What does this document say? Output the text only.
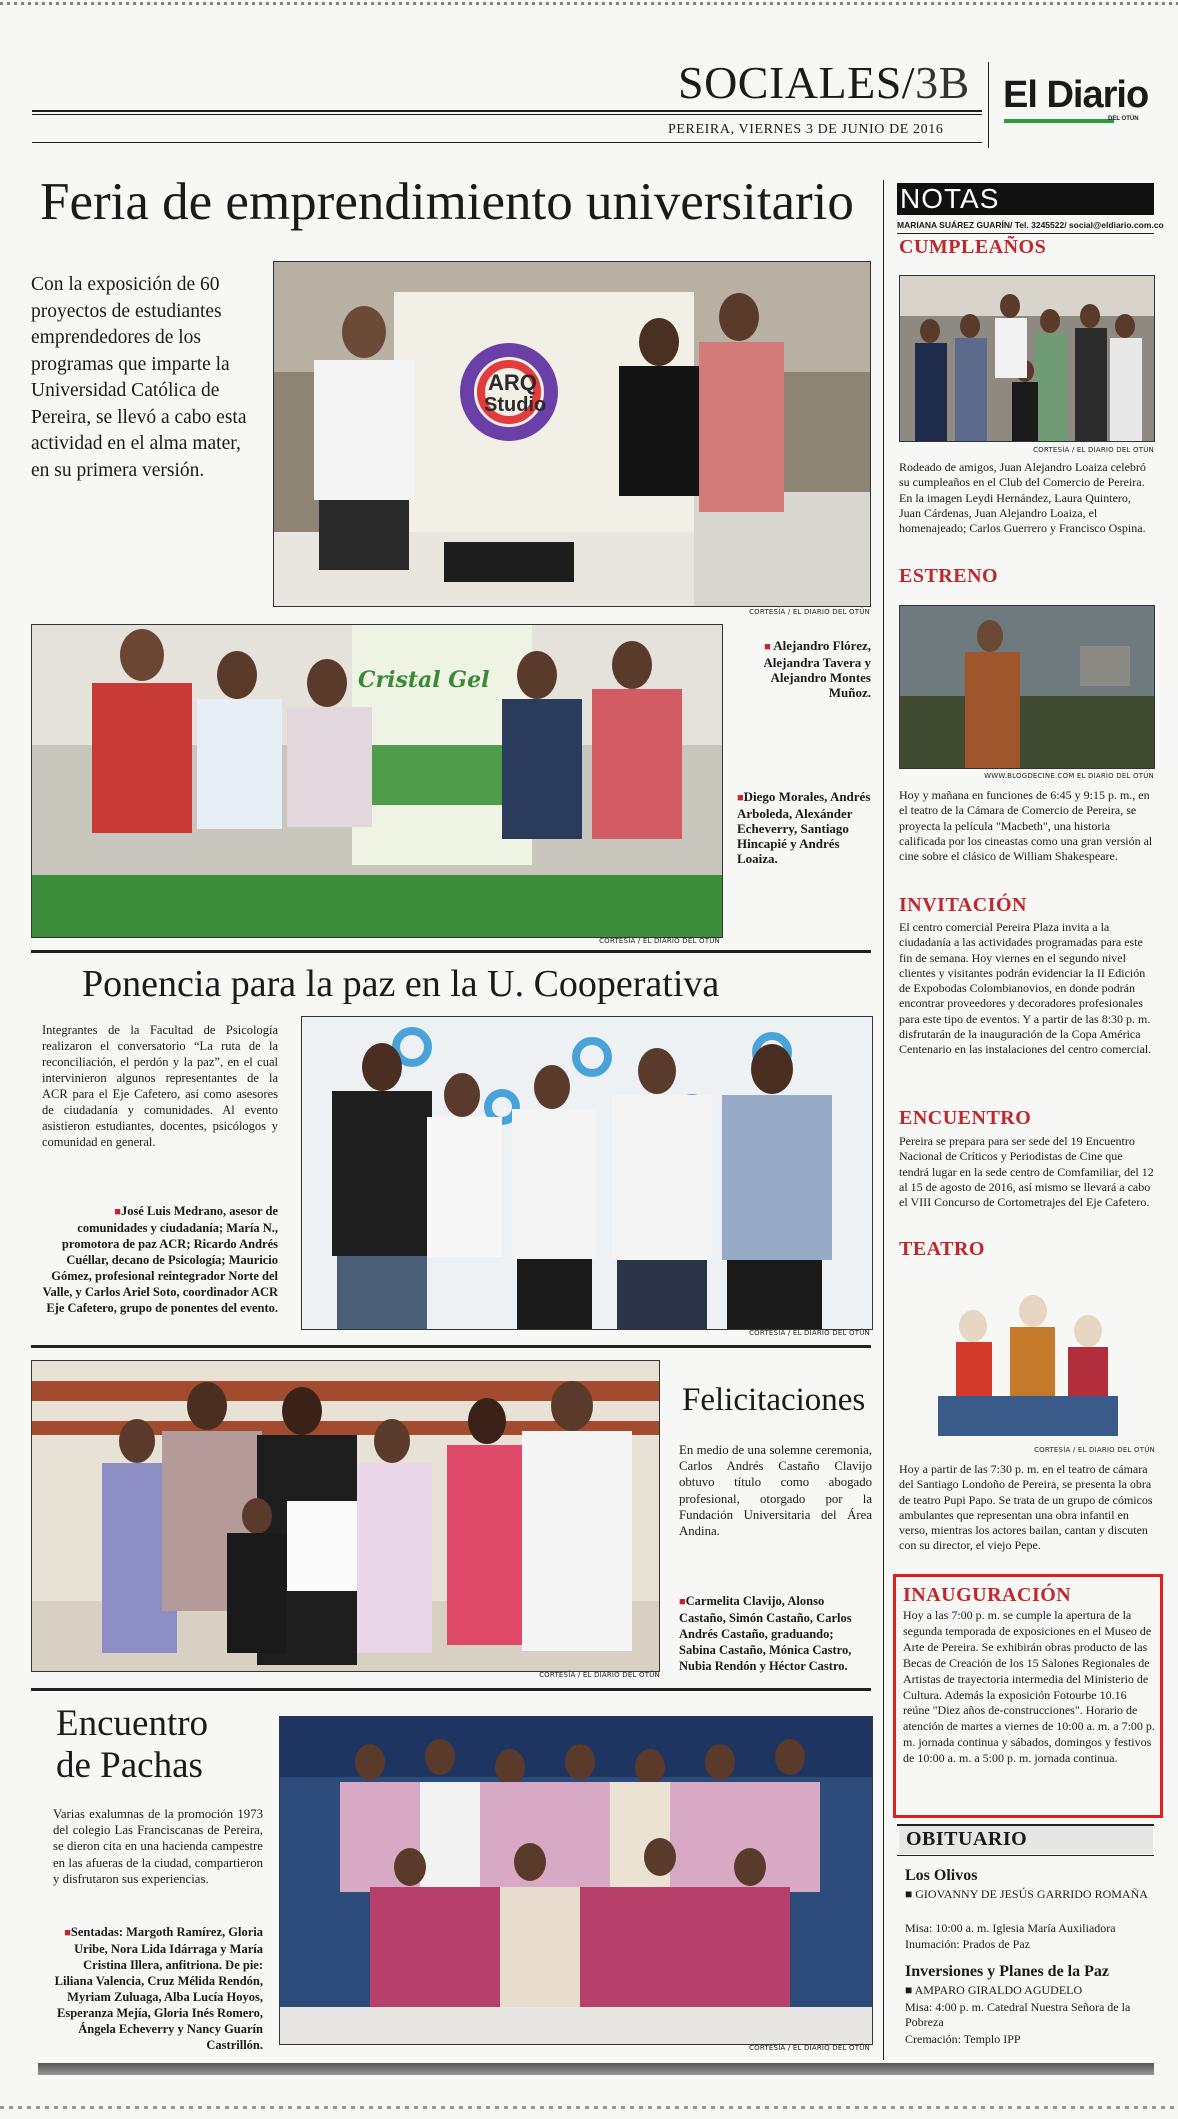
SOCIALES/3B
PEREIRA, VIERNES 3 DE JUNIO DE 2016
El Diario
DEL OTÚN
Feria de emprendimiento universitario
Con la exposición de 60 proyectos de estudiantes emprendedores de los programas que imparte la Universidad Católica de Pereira, se llevó a cabo esta actividad en el alma mater, en su primera versión.
ARQ
Studio
CORTESÍA / EL DIARIO DEL OTÚN
Cristal Gel
■ Alejandro Flórez, Alejandra Tavera y Alejandro Montes Muñoz.
■Diego Morales, Andrés Arboleda, Alexánder Echeverry, Santiago Hincapié y Andrés Loaiza.
CORTESÍA / EL DIARIO DEL OTÚN
Ponencia para la paz en la U. Cooperativa
Integrantes de la Facultad de Psicología realizaron el conversatorio “La ruta de la reconciliación, el perdón y la paz”, en el cual intervinieron algunos representantes de la ACR para el Eje Cafetero, así como asesores de ciudadanía y comunidades. Al evento asistieron estudiantes, docentes, psicólogos y comunidad en general.
■José Luis Medrano, asesor de comunidades y ciudadanía; María N., promotora de paz ACR; Ricardo Andrés Cuéllar, decano de Psicología; Mauricio Gómez, profesional reintegrador Norte del Valle, y Carlos Ariel Soto, coordinador ACR Eje Cafetero, grupo de ponentes del evento.
CORTESÍA / EL DIARIO DEL OTÚN
CORTESÍA / EL DIARIO DEL OTÚN
Felicitaciones
En medio de una solemne ceremonia, Carlos Andrés Castaño Clavijo obtuvo título como abogado profesional, otorgado por la Fundación Universitaria del Área Andina.
■Carmelita Clavijo, Alonso Castaño, Simón Castaño, Carlos Andrés Castaño, graduando; Sabina Castaño, Mónica Castro, Nubia Rendón y Héctor Castro.
Encuentro
de Pachas
Varias exalumnas de la promoción 1973 del colegio Las Franciscanas de Pereira, se dieron cita en una hacienda campestre en las afueras de la ciudad, compartieron y disfrutaron sus experiencias.
■Sentadas: Margoth Ramírez, Gloria Uribe, Nora Lida Idárraga y María Cristina Illera, anfitriona. De pie: Liliana Valencia, Cruz Mélida Rendón, Myriam Zuluaga, Alba Lucía Hoyos, Esperanza Mejía, Gloria Inés Romero, Ángela Echeverry y Nancy Guarín Castrillón.	CORTESÍA / EL DIARIO DEL OTÚN
NOTAS
MARIANA SUÁREZ GUARÍN/ Tel. 3245522/ social@eldiario.com.co
CUMPLEAÑOS
CORTESÍA / EL DIARIO DEL OTÚN
Rodeado de amigos, Juan Alejandro Loaiza celebró su cumpleaños en el Club del Comercio de Pereira. En la imagen Leydi Hernández, Laura Quintero, Juan Cárdenas, Juan Alejandro Loaiza, el homenajeado; Carlos Guerrero y Francisco Ospina.
ESTRENO
WWW.BLOGDECINE.COM EL DIARIO DEL OTÚN
Hoy y mañana en funciones de 6:45 y 9:15 p. m., en el teatro de la Cámara de Comercio de Pereira, se proyecta la película "Macbeth", una historia calificada por los cineastas como una gran versión al cine sobre el clásico de William Shakespeare.
INVITACIÓN
El centro comercial Pereira Plaza invita a la ciudadanía a las actividades programadas para este fin de semana. Hoy viernes en el segundo nivel clientes y visitantes podrán evidenciar la II Edición de Expobodas Colombianovios, en donde podrán encontrar proveedores y decoradores profesionales para este tipo de eventos. Y a partir de las 8:30 p. m. disfrutarán de la inauguración de la Copa América Centenario en las instalaciones del centro comercial.
ENCUENTRO
Pereira se prepara para ser sede del 19 Encuentro Nacional de Críticos y Periodistas de Cine que tendrá lugar en la sede centro de Comfamiliar, del 12 al 15 de agosto de 2016, así mismo se llevará a cabo el VIII Concurso de Cortometrajes del Eje Cafetero.
TEATRO
CORTESÍA / EL DIARIO DEL OTÚN
Hoy a partir de las 7:30 p. m. en el teatro de cámara del Santiago Londoño de Pereira, se presenta la obra de teatro Pupi Papo. Se trata de un grupo de cómicos ambulantes que representan una obra infantil en verso, mientras los actores bailan, cantan y discuten con su director, el viejo Pepe.
INAUGURACIÓN
Hoy a las 7:00 p. m. se cumple la apertura de la segunda temporada de exposiciones en el Museo de Arte de Pereira. Se exhibirán obras producto de las Becas de Creación de los 15 Salones Regionales de Artistas de trayectoria intermedia del Ministerio de Cultura. Además la exposición Fotourbe 10.16 reúne "Diez años de-construcciones". Horario de atención de martes a viernes de 10:00 a. m. a 7:00 p. m. jornada continua y sábados, domingos y festivos de 10:00 a. m. a 5:00 p. m. jornada continua.
OBITUARIO
Los Olivos
■ GIOVANNY DE JESÚS GARRIDO ROMAÑA
Misa: 10:00 a. m. Iglesia María Auxiliadora
Inumación: Prados de Paz
Inversiones y Planes de la Paz
■ AMPARO GIRALDO AGUDELO
Misa: 4:00 p. m. Catedral Nuestra Señora de la Pobreza
Cremación: Templo IPP
